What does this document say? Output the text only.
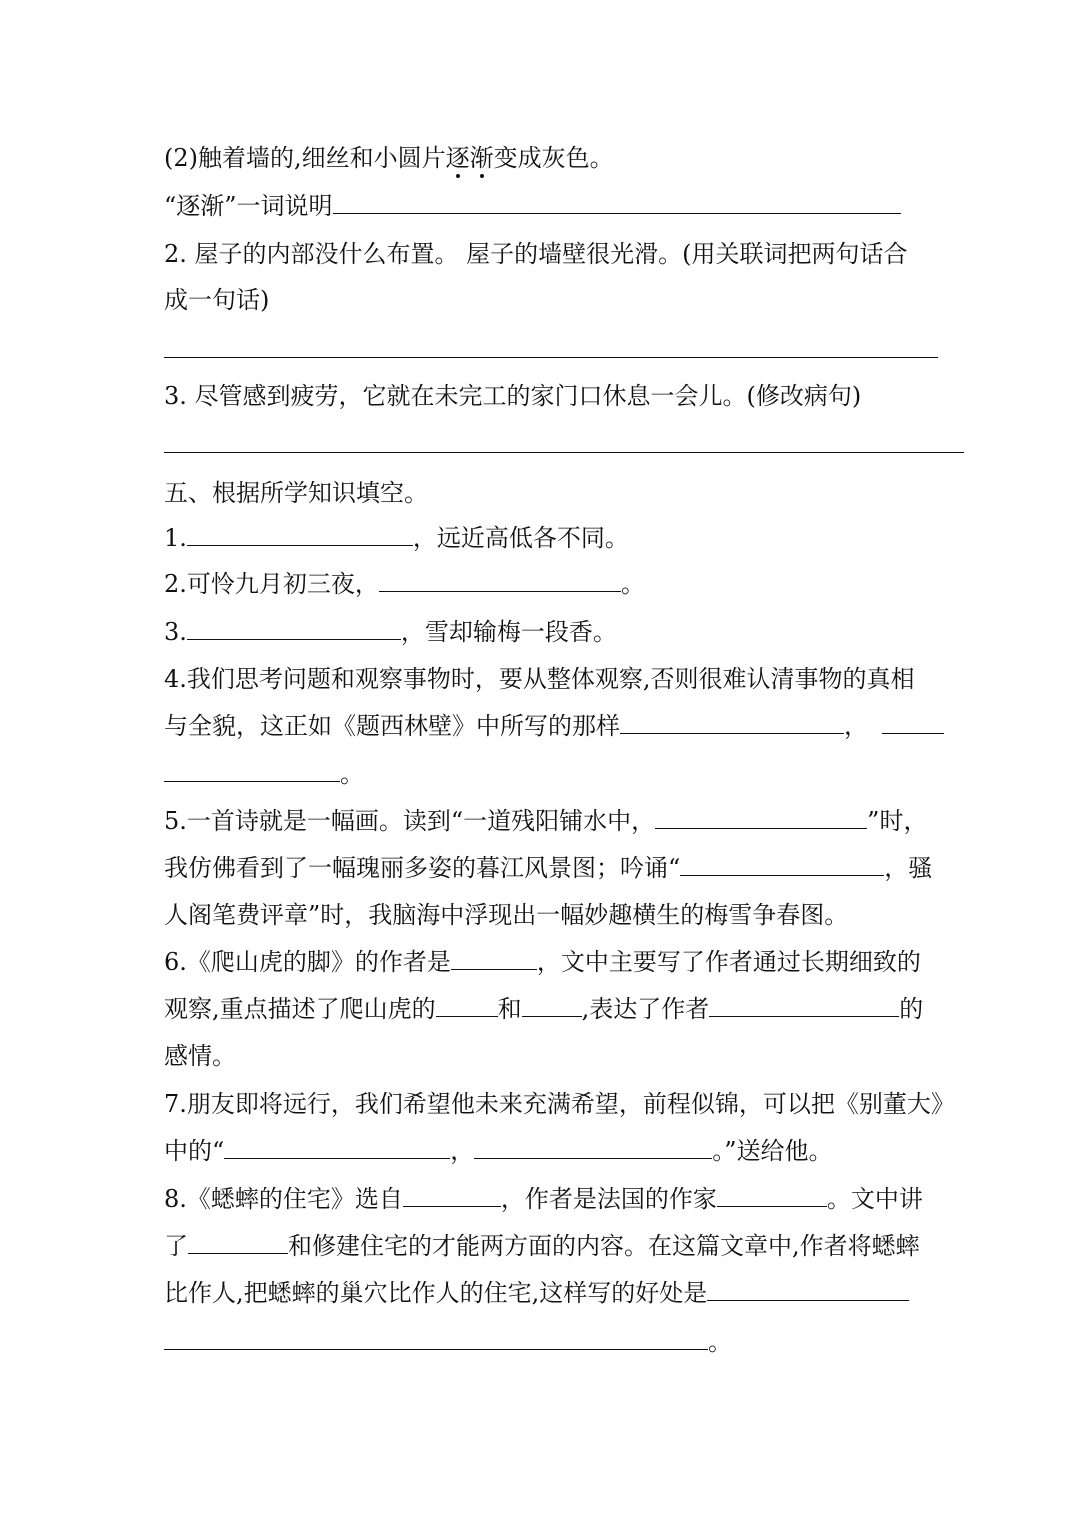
(2)触着墙的,细丝和小圆片逐渐变成灰色。
“逐渐”一词说明
2. 屋子的内部没什么布置。 屋子的墙壁很光滑。(用关联词把两句话合
成一句话)
3. 尽管感到疲劳，它就在未完工的家门口休息一会儿。(修改病句)
五、根据所学知识填空。
1.	，远近高低各不同。
2.可怜九月初三夜，	。
3.	，雪却输梅一段香。
4.我们思考问题和观察事物时，要从整体观察,否则很难认清事物的真相
与全貌，这正如《题西林壁》中所写的那样	，
。
5.一首诗就是一幅画。读到“一道残阳铺水中，	”时，
我仿佛看到了一幅瑰丽多姿的暮江风景图；吟诵“	，骚
人阁笔费评章”时，我脑海中浮现出一幅妙趣横生的梅雪争春图。
6.《爬山虎的脚》的作者是	，文中主要写了作者通过长期细致的
观察,重点描述了爬山虎的	和	,表达了作者	的
感情。
7.朋友即将远行，我们希望他未来充满希望，前程似锦，可以把《别董大》
中的“	，	。”送给他。
8.《蟋蟀的住宅》选自	，作者是法国的作家	。文中讲
了	和修建住宅的才能两方面的内容。在这篇文章中,作者将蟋蟀
比作人,把蟋蟀的巢穴比作人的住宅,这样写的好处是
。
